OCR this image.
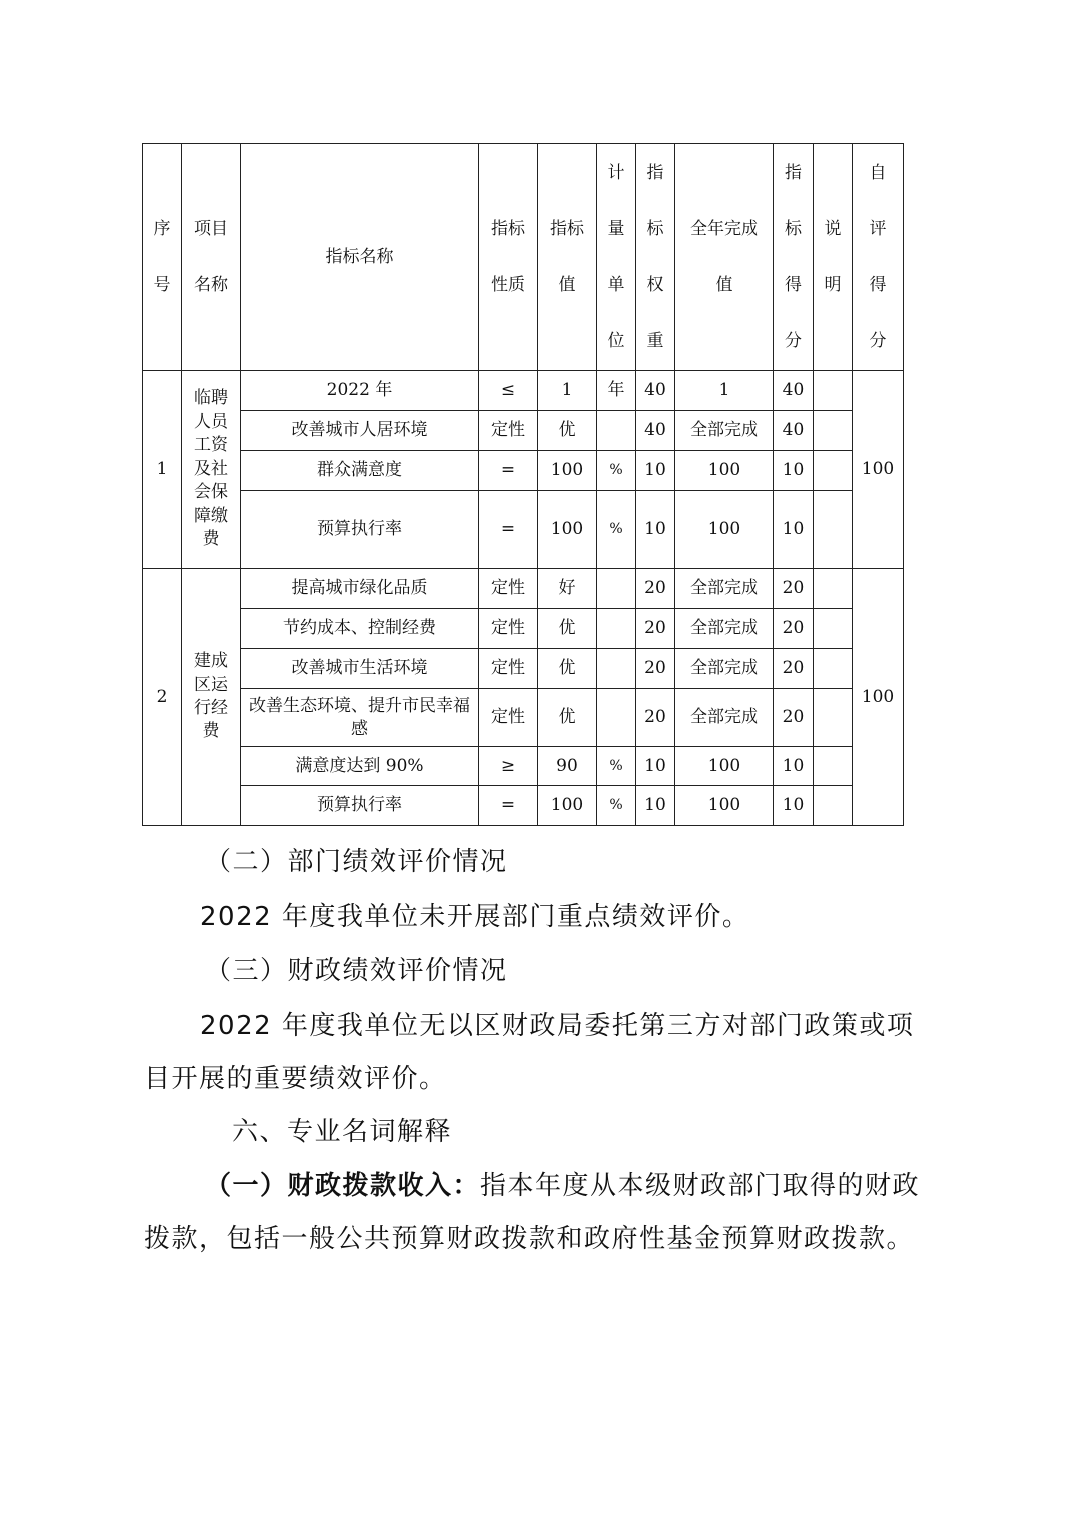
序号	项目名称	指标名称	指标性质	指标值	计量单位	指标权重	全年完成值	指标得分	说明	自评得分
1	临聘人员工资及社会保障缴费	2022 年	≤	1	年	40	1	40		100
		改善城市人居环境	定性	优		40	全部完成	40		
		群众满意度	=	100	%	10	100	10		
		预算执行率	=	100	%	10	100	10		
2	建成区运行经费	提高城市绿化品质	定性	好		20	全部完成	20		100
		节约成本、控制经费	定性	优		20	全部完成	20		
		改善城市生活环境	定性	优		20	全部完成	20		
		改善生态环境、提升市民幸福感	定性	优		20	全部完成	20		
		满意度达到 90%	≥	90	%	10	100	10		
		预算执行率	=	100	%	10	100	10		
（二）部门绩效评价情况
2022 年度我单位未开展部门重点绩效评价。
（三）财政绩效评价情况
2022 年度我单位无以区财政局委托第三方对部门政策或项
目开展的重要绩效评价。
六、专业名词解释
（一）财政拨款收入：指本年度从本级财政部门取得的财政
拨款，包括一般公共预算财政拨款和政府性基金预算财政拨款。
